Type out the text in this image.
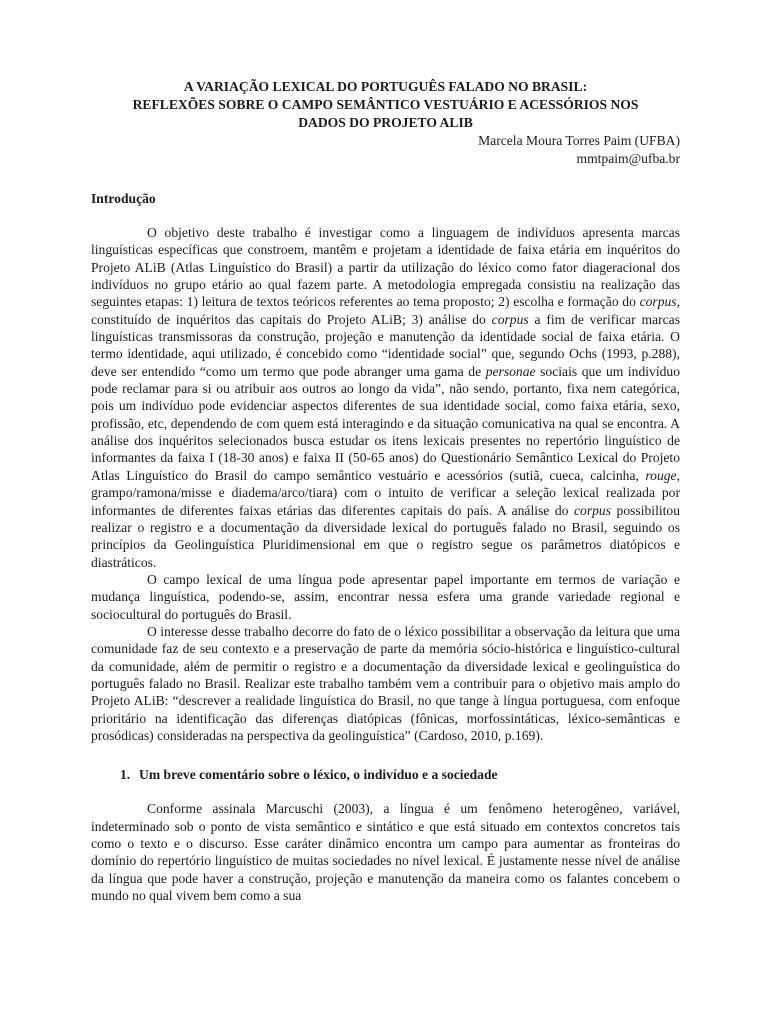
A VARIAÇÃO LEXICAL DO PORTUGUÊS FALADO NO BRASIL:
REFLEXÕES SOBRE O CAMPO SEMÂNTICO VESTUÁRIO E ACESSÓRIOS NOS
DADOS DO PROJETO ALIB

Marcela Moura Torres Paim (UFBA)

mmtpaim@ufba.br

Introdução

O objetivo deste trabalho é investigar como a linguagem de indivíduos apresenta marcas linguísticas específicas que constroem, mantêm e projetam a identidade de faixa etária em inquéritos do Projeto ALiB (Atlas Linguístico do Brasil) a partir da utilização do léxico como fator diageracional dos indivíduos no grupo etário ao qual fazem parte. A metodologia empregada consistiu na realização das seguintes etapas: 1) leitura de textos teóricos referentes ao tema proposto; 2) escolha e formação do corpus, constituído de inquéritos das capitais do Projeto ALiB; 3) análise do corpus a fim de verificar marcas linguísticas transmissoras da construção, projeção e manutenção da identidade social de faixa etária. O termo identidade, aqui utilizado, é concebido como “identidade social” que, segundo Ochs (1993, p.288), deve ser entendido “como um termo que pode abranger uma gama de personae sociais que um indivíduo pode reclamar para si ou atribuir aos outros ao longo da vida”, não sendo, portanto, fixa nem categórica, pois um indivíduo pode evidenciar aspectos diferentes de sua identidade social, como faixa etária, sexo, profissão, etc, dependendo de com quem está interagindo e da situação comunicativa na qual se encontra. A análise dos inquéritos selecionados busca estudar os itens lexicais presentes no repertório linguístico de informantes da faixa I (18-30 anos) e faixa II (50-65 anos) do Questionário Semântico Lexical do Projeto Atlas Linguístico do Brasil do campo semântico vestuário e acessórios (sutiã, cueca, calcinha, rouge, grampo/ramona/misse e diadema/arco/tiara) com o intuito de verificar a seleção lexical realizada por informantes de diferentes faixas etárias das diferentes capitais do país. A análise do corpus possibilitou realizar o registro e a documentação da diversidade lexical do português falado no Brasil, seguindo os princípios da Geolinguística Pluridimensional em que o registro segue os parâmetros diatópicos e diastráticos.

O campo lexical de uma língua pode apresentar papel importante em termos de variação e mudança linguística, podendo-se, assim, encontrar nessa esfera uma grande variedade regional e sociocultural do português do Brasil.

O interesse desse trabalho decorre do fato de o léxico possibilitar a observação da leitura que uma comunidade faz de seu contexto e a preservação de parte da memória sócio-histórica e linguístico-cultural da comunidade, além de permitir o registro e a documentação da diversidade lexical e geolinguística do português falado no Brasil. Realizar este trabalho também vem a contribuir para o objetivo mais amplo do Projeto ALiB: “descrever a realidade linguística do Brasil, no que tange à língua portuguesa, com enfoque prioritário na identificação das diferenças diatópicas (fônicas, morfossintáticas, léxico-semânticas e prosódicas) consideradas na perspectiva da geolinguística” (Cardoso, 2010, p.169).

1. Um breve comentário sobre o léxico, o indivíduo e a sociedade

Conforme assinala Marcuschi (2003), a língua é um fenômeno heterogêneo, variável, indeterminado sob o ponto de vista semântico e sintático e que está situado em contextos concretos tais como o texto e o discurso. Esse caráter dinâmico encontra um campo para aumentar as fronteiras do domínio do repertório linguístico de muitas sociedades no nível lexical. É justamente nesse nível de análise da língua que pode haver a construção, projeção e manutenção da maneira como os falantes concebem o mundo no qual vivem bem como a sua
